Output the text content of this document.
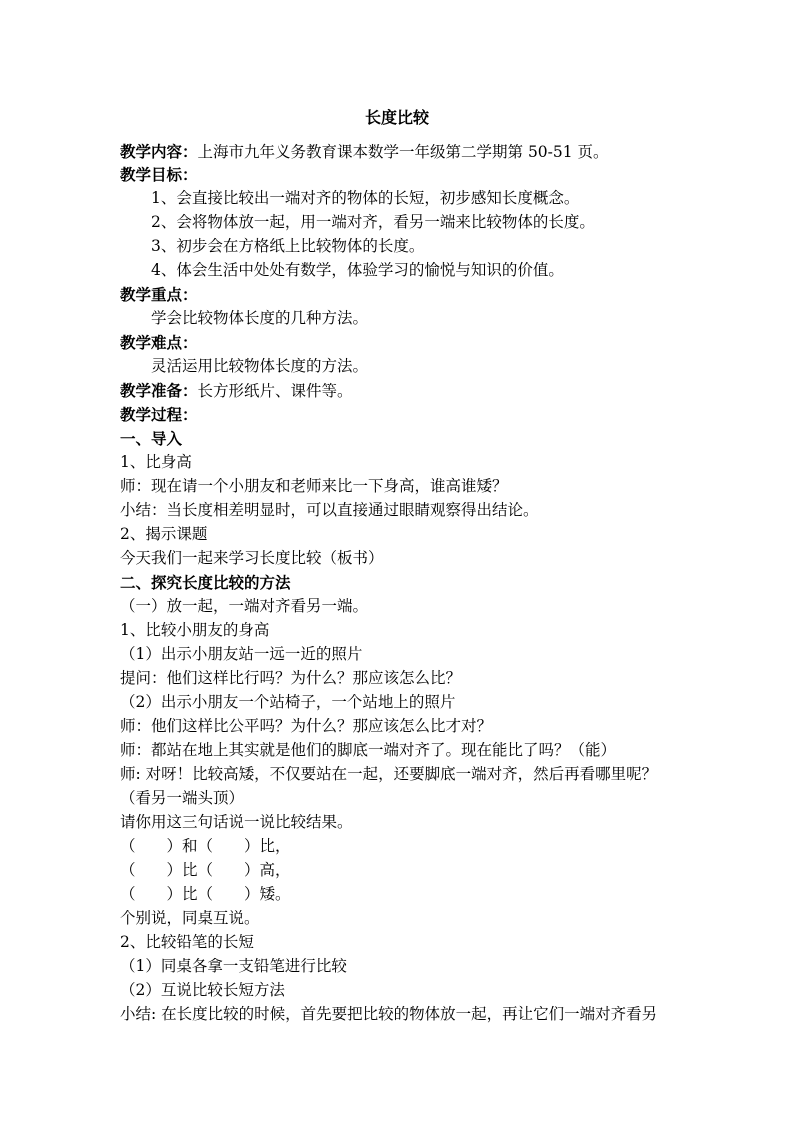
长度比较
教学内容：上海市九年义务教育课本数学一年级第二学期第 50-51 页。
教学目标：
1、会直接比较出一端对齐的物体的长短，初步感知长度概念。
2、会将物体放一起，用一端对齐，看另一端来比较物体的长度。
3、初步会在方格纸上比较物体的长度。
4、体会生活中处处有数学，体验学习的愉悦与知识的价值。
教学重点：
学会比较物体长度的几种方法。
教学难点：
灵活运用比较物体长度的方法。
教学准备：长方形纸片、课件等。
教学过程：
一、导入
1、比身高
师：现在请一个小朋友和老师来比一下身高，谁高谁矮？
小结：当长度相差明显时，可以直接通过眼睛观察得出结论。
2、揭示课题
今天我们一起来学习长度比较（板书）
二、探究长度比较的方法
（一）放一起，一端对齐看另一端。
1、比较小朋友的身高
（1）出示小朋友站一远一近的照片
提问：他们这样比行吗？为什么？那应该怎么比？
（2）出示小朋友一个站椅子，一个站地上的照片
师：他们这样比公平吗？为什么？那应该怎么比才对？
师：都站在地上其实就是他们的脚底一端对齐了。现在能比了吗？（能）
师: 对呀！比较高矮，不仅要站在一起，还要脚底一端对齐，然后再看哪里呢？
（看另一端头顶）
请你用这三句话说一说比较结果。
（　　）和（　　）比，
（　　）比（　　）高，
（　　）比（　　）矮。
个别说，同桌互说。
2、比较铅笔的长短
（1）同桌各拿一支铅笔进行比较
（2）互说比较长短方法
小结: 在长度比较的时候，首先要把比较的物体放一起，再让它们一端对齐看另
